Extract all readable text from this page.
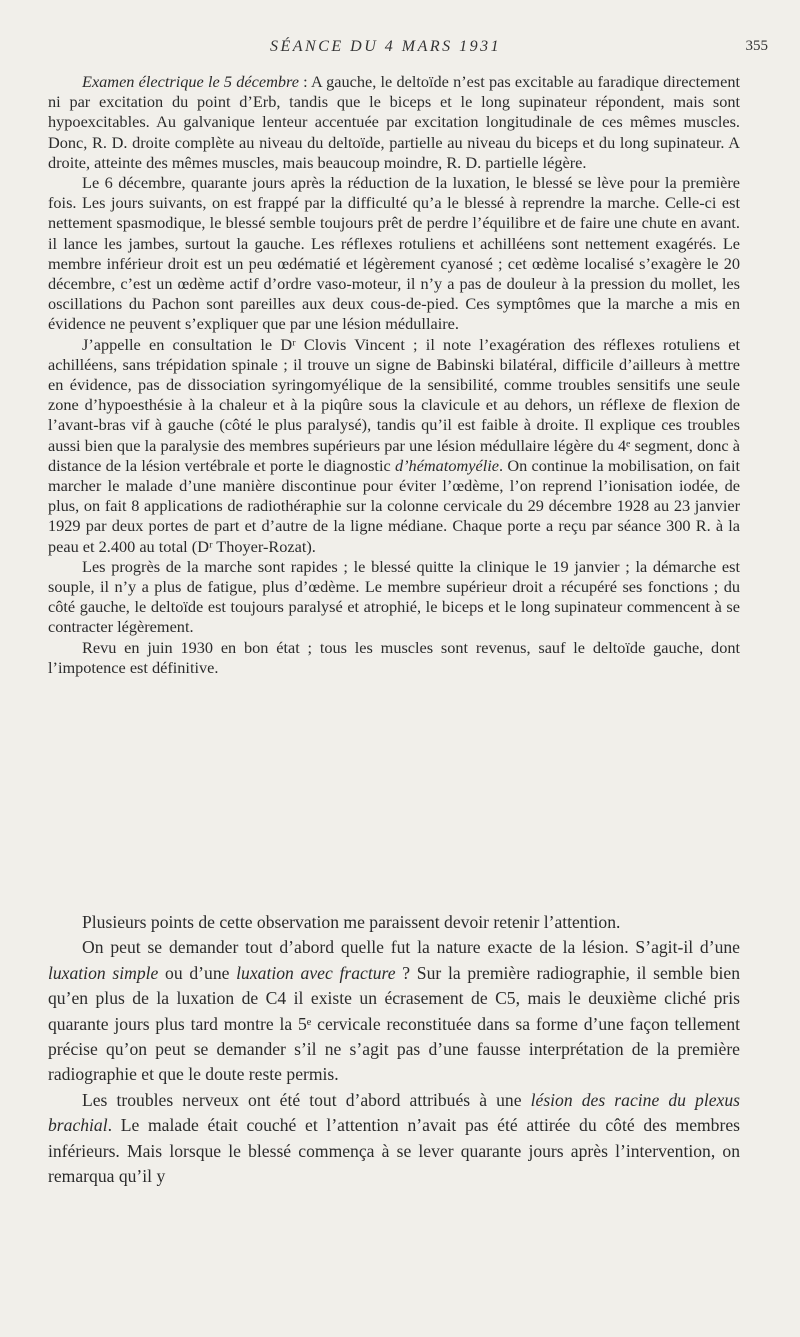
SÉANCE DU 4 MARS 1931	355

Examen électrique le 5 décembre : A gauche, le deltoïde n’est pas excitable au faradique directement ni par excitation du point d’Erb, tandis que le biceps et le long supinateur répondent, mais sont hypoexcitables. Au galvanique lenteur accentuée par excitation longitudinale de ces mêmes muscles. Donc, R. D. droite complète au niveau du deltoïde, partielle au niveau du biceps et du long supinateur. A droite, atteinte des mêmes muscles, mais beaucoup moindre, R. D. partielle légère.

Le 6 décembre, quarante jours après la réduction de la luxation, le blessé se lève pour la première fois. Les jours suivants, on est frappé par la difficulté qu’a le blessé à reprendre la marche. Celle-ci est nettement spasmodique, le blessé semble toujours prêt de perdre l’équilibre et de faire une chute en avant. il lance les jambes, surtout la gauche. Les réflexes rotuliens et achilléens sont nettement exagérés. Le membre inférieur droit est un peu œdématié et légèrement cyanosé ; cet œdème localisé s’exagère le 20 décembre, c’est un œdème actif d’ordre vaso-moteur, il n’y a pas de douleur à la pression du mollet, les oscillations du Pachon sont pareilles aux deux cous-de-pied. Ces symptômes que la marche a mis en évidence ne peuvent s’expliquer que par une lésion médullaire.

J’appelle en consultation le Dʳ Clovis Vincent ; il note l’exagération des réflexes rotuliens et achilléens, sans trépidation spinale ; il trouve un signe de Babinski bilatéral, difficile d’ailleurs à mettre en évidence, pas de dissociation syringomyélique de la sensibilité, comme troubles sensitifs une seule zone d’hypoesthésie à la chaleur et à la piqûre sous la clavicule et au dehors, un réflexe de flexion de l’avant-bras vif à gauche (côté le plus paralysé), tandis qu’il est faible à droite. Il explique ces troubles aussi bien que la paralysie des membres supérieurs par une lésion médullaire légère du 4ᵉ segment, donc à distance de la lésion vertébrale et porte le diagnostic d’hématomyélie. On continue la mobilisation, on fait marcher le malade d’une manière discontinue pour éviter l’œdème, l’on reprend l’ionisation iodée, de plus, on fait 8 applications de radiothéraphie sur la colonne cervicale du 29 décembre 1928 au 23 janvier 1929 par deux portes de part et d’autre de la ligne médiane. Chaque porte a reçu par séance 300 R. à la peau et 2.400 au total (Dʳ Thoyer-Rozat).

Les progrès de la marche sont rapides ; le blessé quitte la clinique le 19 janvier ; la démarche est souple, il n’y a plus de fatigue, plus d’œdème. Le membre supérieur droit a récupéré ses fonctions ; du côté gauche, le deltoïde est toujours paralysé et atrophié, le biceps et le long supinateur commencent à se contracter légèrement.

Revu en juin 1930 en bon état ; tous les muscles sont revenus, sauf le deltoïde gauche, dont l’impotence est définitive.

Plusieurs points de cette observation me paraissent devoir retenir l’attention.

On peut se demander tout d’abord quelle fut la nature exacte de la lésion. S’agit-il d’une luxation simple ou d’une luxation avec fracture ? Sur la première radiographie, il semble bien qu’en plus de la luxation de C4 il existe un écrasement de C5, mais le deuxième cliché pris quarante jours plus tard montre la 5ᵉ cervicale reconstituée dans sa forme d’une façon tellement précise qu’on peut se demander s’il ne s’agit pas d’une fausse interprétation de la première radiographie et que le doute reste permis.

Les troubles nerveux ont été tout d’abord attribués à une lésion des racine du plexus brachial. Le malade était couché et l’attention n’avait pas été attirée du côté des membres inférieurs. Mais lorsque le blessé commença à se lever quarante jours après l’intervention, on remarqua qu’il y
